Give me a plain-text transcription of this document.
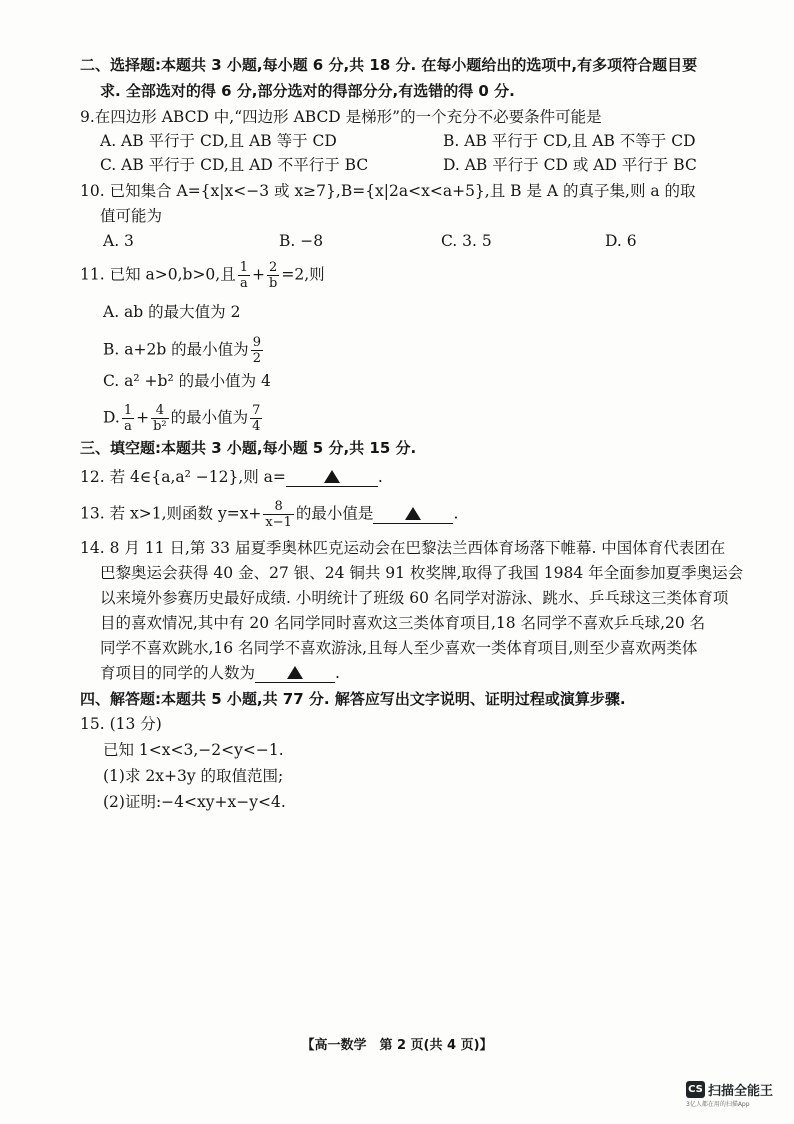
二、选择题:本题共 3 小题,每小题 6 分,共 18 分. 在每小题给出的选项中,有多项符合题目要
求. 全部选对的得 6 分,部分选对的得部分分,有选错的得 0 分.
9.在四边形 ABCD 中,“四边形 ABCD 是梯形”的一个充分不必要条件可能是
A. AB 平行于 CD,且 AB 等于 CD	B. AB 平行于 CD,且 AB 不等于 CD
C. AB 平行于 CD,且 AD 不平行于 BC	D. AB 平行于 CD 或 AD 平行于 BC
10. 已知集合 A={x|x<−3 或 x≥7},B={x|2a<x<a+5},且 B 是 A 的真子集,则 a 的取
值可能为
A. 3	B. −8	C. 3. 5	D. 6
11. 已知 a>0,b>0,且 $\frac{1}{a} + \frac{2}{b} =2$,则
A. ab 的最大值为 2
B. a+2b 的最小值为 $\frac{9}{2}$
C. a² +b² 的最小值为 4
D. $\frac{1}{a} + \frac{4}{\text{b²}}$ 的最小值为 $\frac{7}{4}$
三、填空题:本题共 3 小题,每小题 5 分,共 15 分.
12. 若 4∈{a,a² −12},则 a=	.
13. 若 x>1,则函数 $y=x+ \frac{8}{x-1}$ 的最小值是	.
14. 8 月 11 日,第 33 届夏季奥林匹克运动会在巴黎法兰西体育场落下帷幕. 中国体育代表团在
巴黎奥运会获得 40 金、27 银、24 铜共 91 枚奖牌,取得了我国 1984 年全面参加夏季奥运会
以来境外参赛历史最好成绩. 小明统计了班级 60 名同学对游泳、跳水、乒乓球这三类体育项
目的喜欢情况,其中有 20 名同学同时喜欢这三类体育项目,18 名同学不喜欢乒乓球,20 名
同学不喜欢跳水,16 名同学不喜欢游泳,且每人至少喜欢一类体育项目,则至少喜欢两类体
育项目的同学的人数为	.
四、解答题:本题共 5 小题,共 77 分. 解答应写出文字说明、证明过程或演算步骤.
15. (13 分)
已知 1<x<3,−2<y<−1.
(1)求 2x+3y 的取值范围;
(2)证明:−4<xy+x−y<4.
【高一数学　第 2 页(共 4 页)】
CS 扫描全能王
3亿人都在用的扫描App
